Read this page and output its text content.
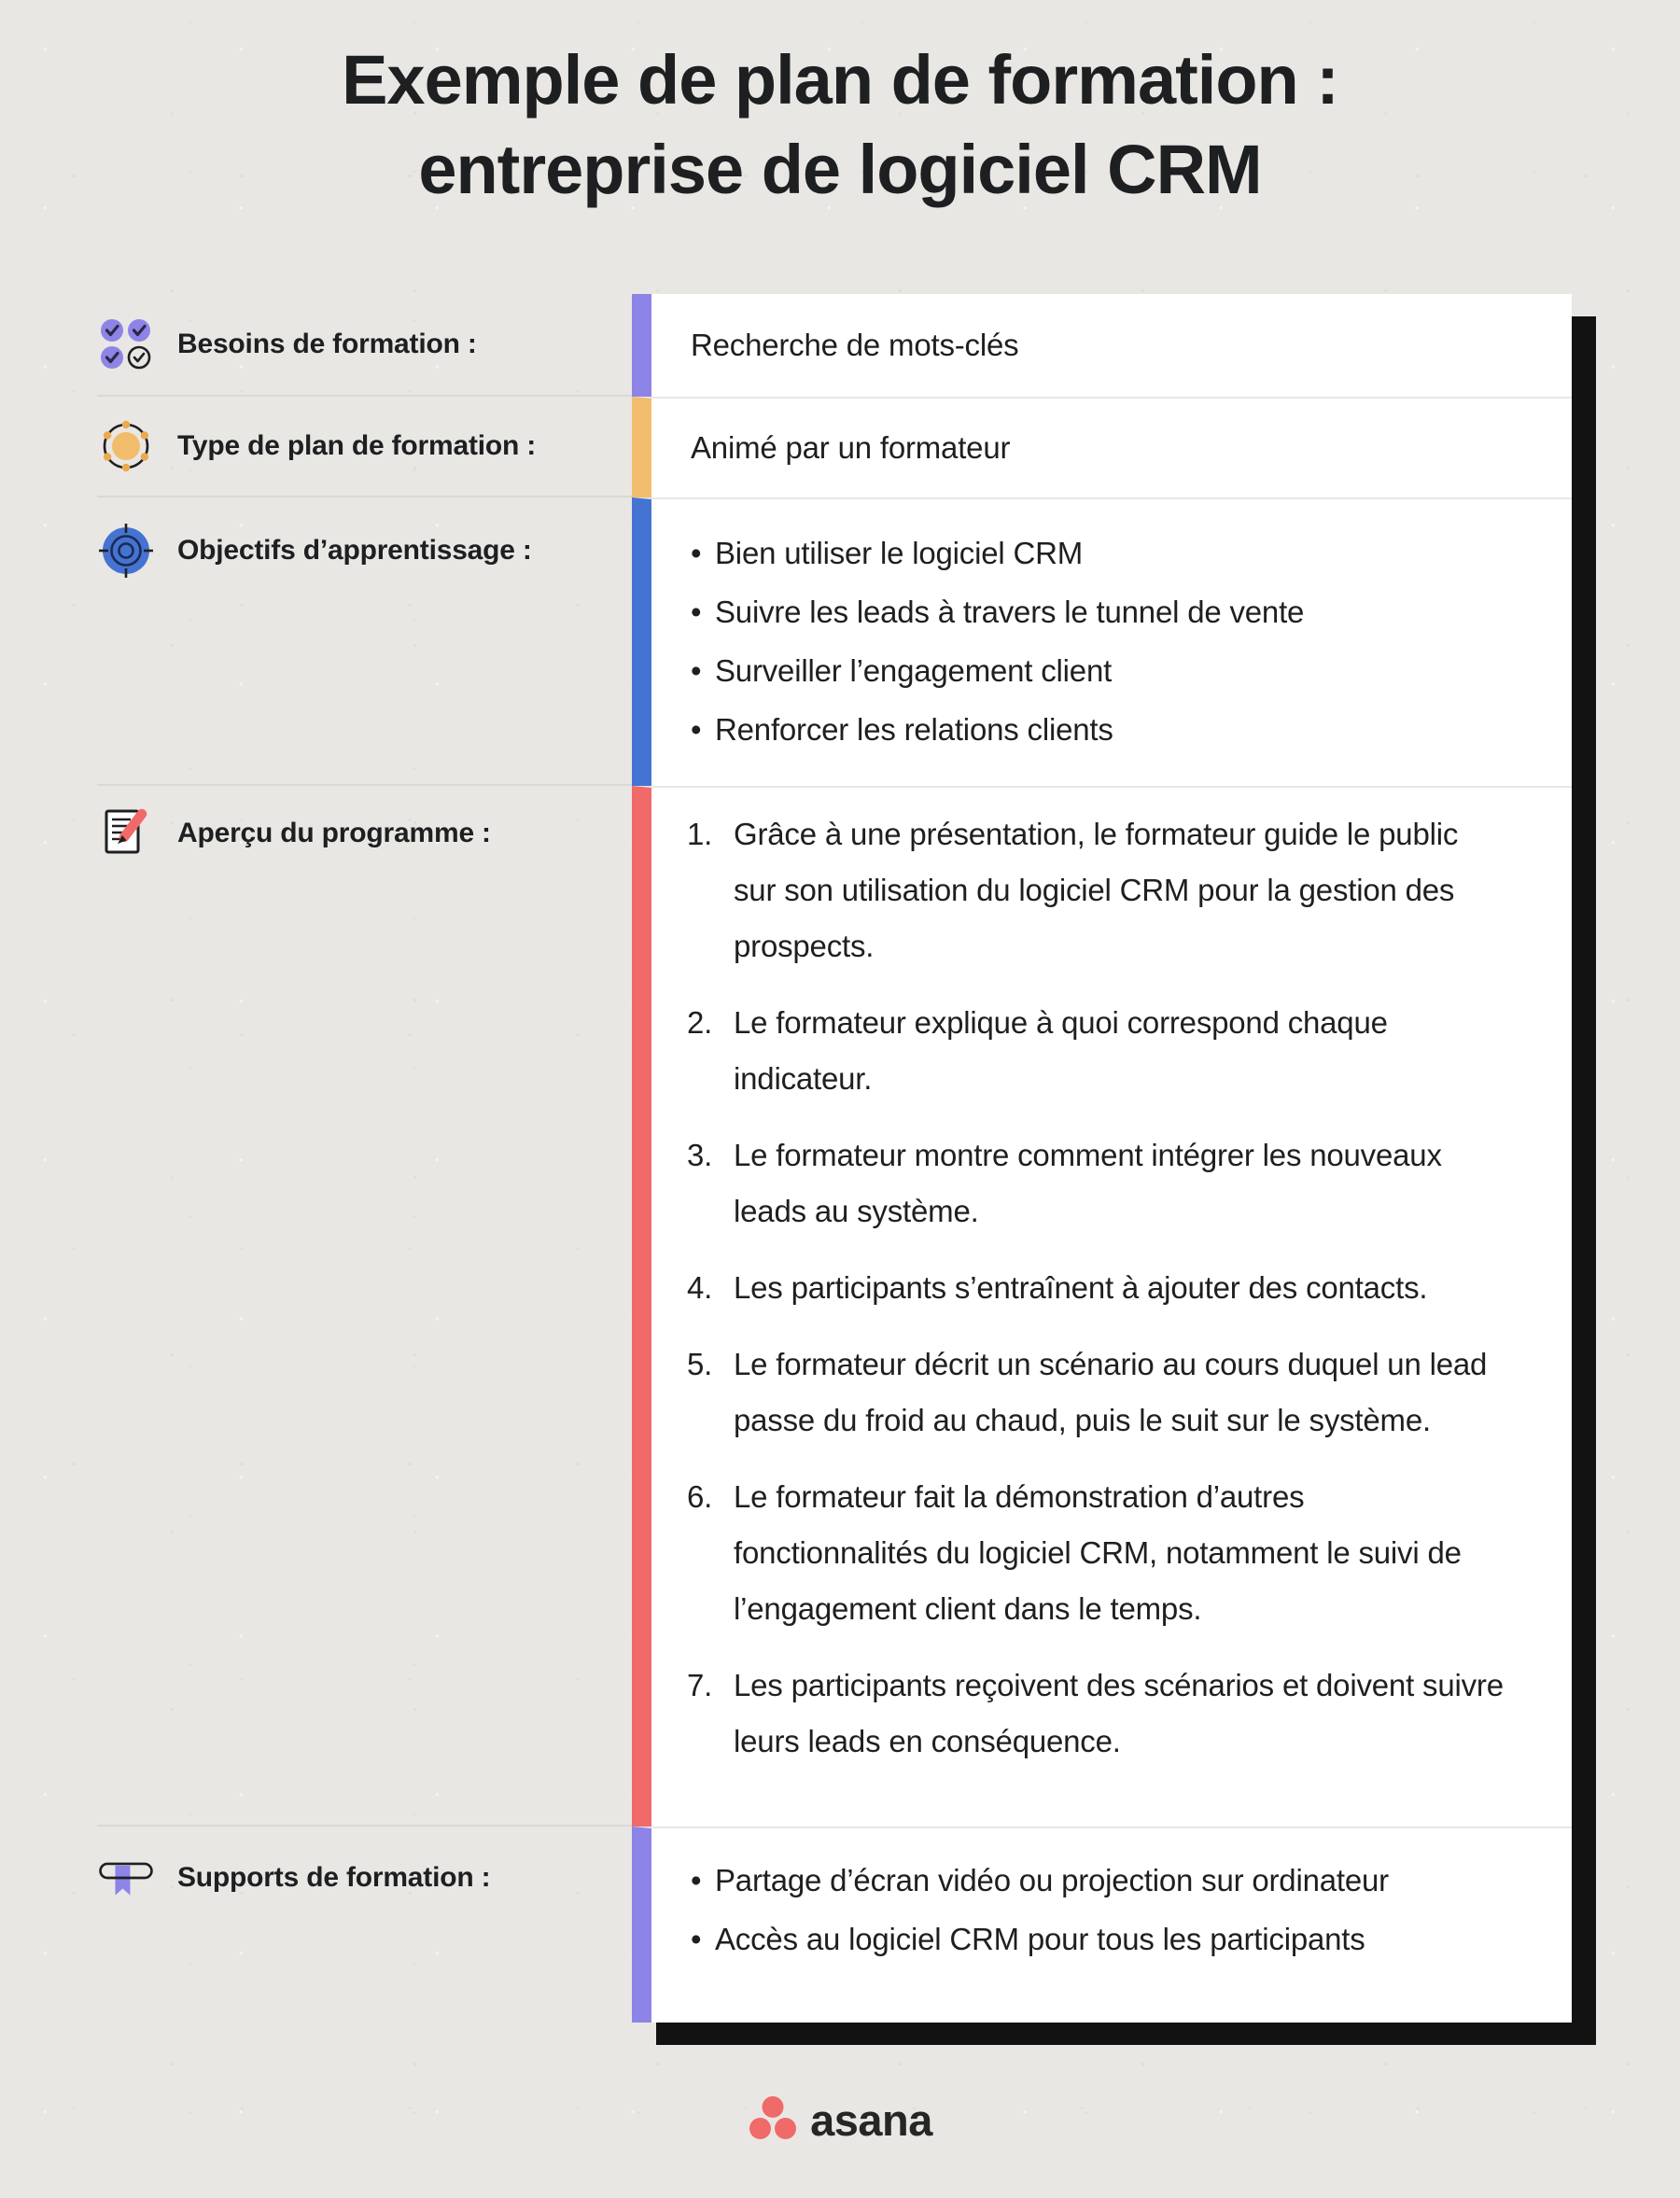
Exemple de plan de formation :
entreprise de logiciel CRM
Recherche de mots-clés
Animé par un formateur
• Bien utiliser le logiciel CRM
• Suivre les leads à travers le tunnel de vente
• Surveiller l’engagement client
• Renforcer les relations clients
1. Grâce à une présentation, le formateur guide le public sur son utilisation du logiciel CRM pour la gestion des prospects.
2. Le formateur explique à quoi correspond chaque indicateur.
3. Le formateur montre comment intégrer les nouveaux leads au système.
4. Les participants s’entraînent à ajouter des contacts.
5. Le formateur décrit un scénario au cours duquel un lead passe du froid au chaud, puis le suit sur le système.
6. Le formateur fait la démonstration d’autres fonctionnalités du logiciel CRM, notamment le suivi de l’engagement client dans le temps.
7. Les participants reçoivent des scénarios et doivent suivre leurs leads en conséquence.
• Partage d’écran vidéo ou projection sur ordinateur
• Accès au logiciel CRM pour tous les participants
Besoins de formation :
Type de plan de formation :
Objectifs d’apprentissage :
Aperçu du programme :
Supports de formation :
asana
